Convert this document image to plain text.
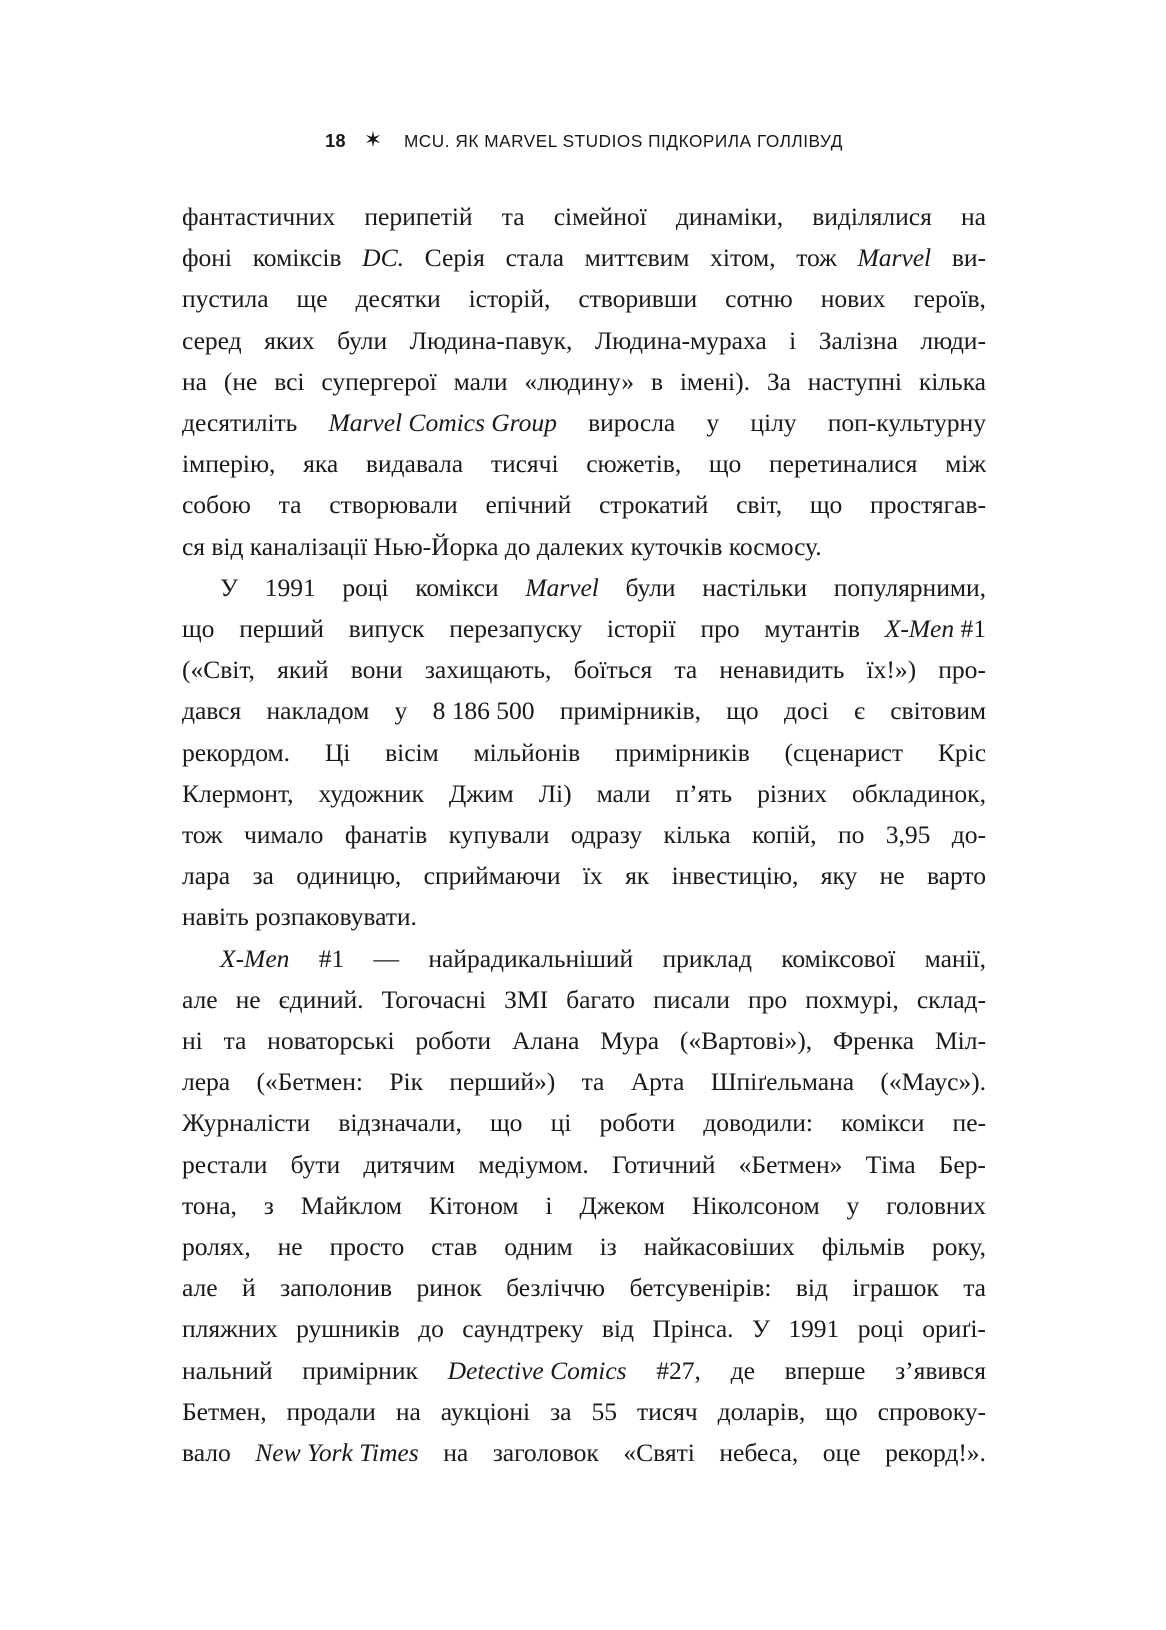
18 ✶	MCU. ЯК MARVEL STUDIOS ПІДКОРИЛА ГОЛЛІВУД

фантастичних перипетій та сімейної динаміки, виділялися на
фоні коміксів DC. Серія стала миттєвим хітом, тож Marvel ви-
пустила ще десятки історій, створивши сотню нових героїв,
серед яких були Людина-павук, Людина-мураха і Залізна люди-
на (не всі супергерої мали «людину» в імені). За наступні кілька
десятиліть Marvel Comics Group виросла у цілу поп-культурну
імперію, яка видавала тисячі сюжетів, що перетиналися між
собою та створювали епічний строкатий світ, що простягав-
ся від каналізації Нью-Йорка до далеких куточків космосу.

У 1991 році комікси Marvel були настільки популярними,
що перший випуск перезапуску історії про мутантів X-Men #1
(«Світ, який вони захищають, боїться та ненавидить їх!») про-
дався накладом у 8 186 500 примірників, що досі є світовим
рекордом. Ці вісім мільйонів примірників (сценарист Кріс
Клермонт, художник Джим Лі) мали п’ять різних обкладинок,
тож чимало фанатів купували одразу кілька копій, по 3,95 до-
лара за одиницю, сприймаючи їх як інвестицію, яку не варто
навіть розпаковувати.

X-Men #1 — найрадикальніший приклад коміксової манії,
але не єдиний. Тогочасні ЗМІ багато писали про похмурі, склад-
ні та новаторські роботи Алана Мура («Вартові»), Френка Міл-
лера («Бетмен: Рік перший») та Арта Шпіґельмана («Маус»).
Журналісти відзначали, що ці роботи доводили: комікси пе-
рестали бути дитячим медіумом. Готичний «Бетмен» Тіма Бер-
тона, з Майклом Кітоном і Джеком Ніколсоном у головних
ролях, не просто став одним із найкасовіших фільмів року,
але й заполонив ринок безліччю бетсувенірів: від іграшок та
пляжних рушників до саундтреку від Прінса. У 1991 році ориґі-
нальний примірник Detective Comics #27, де вперше з’явився
Бетмен, продали на аукціоні за 55 тисяч доларів, що спровоку-
вало New York Times на заголовок «Святі небеса, оце рекорд!».
